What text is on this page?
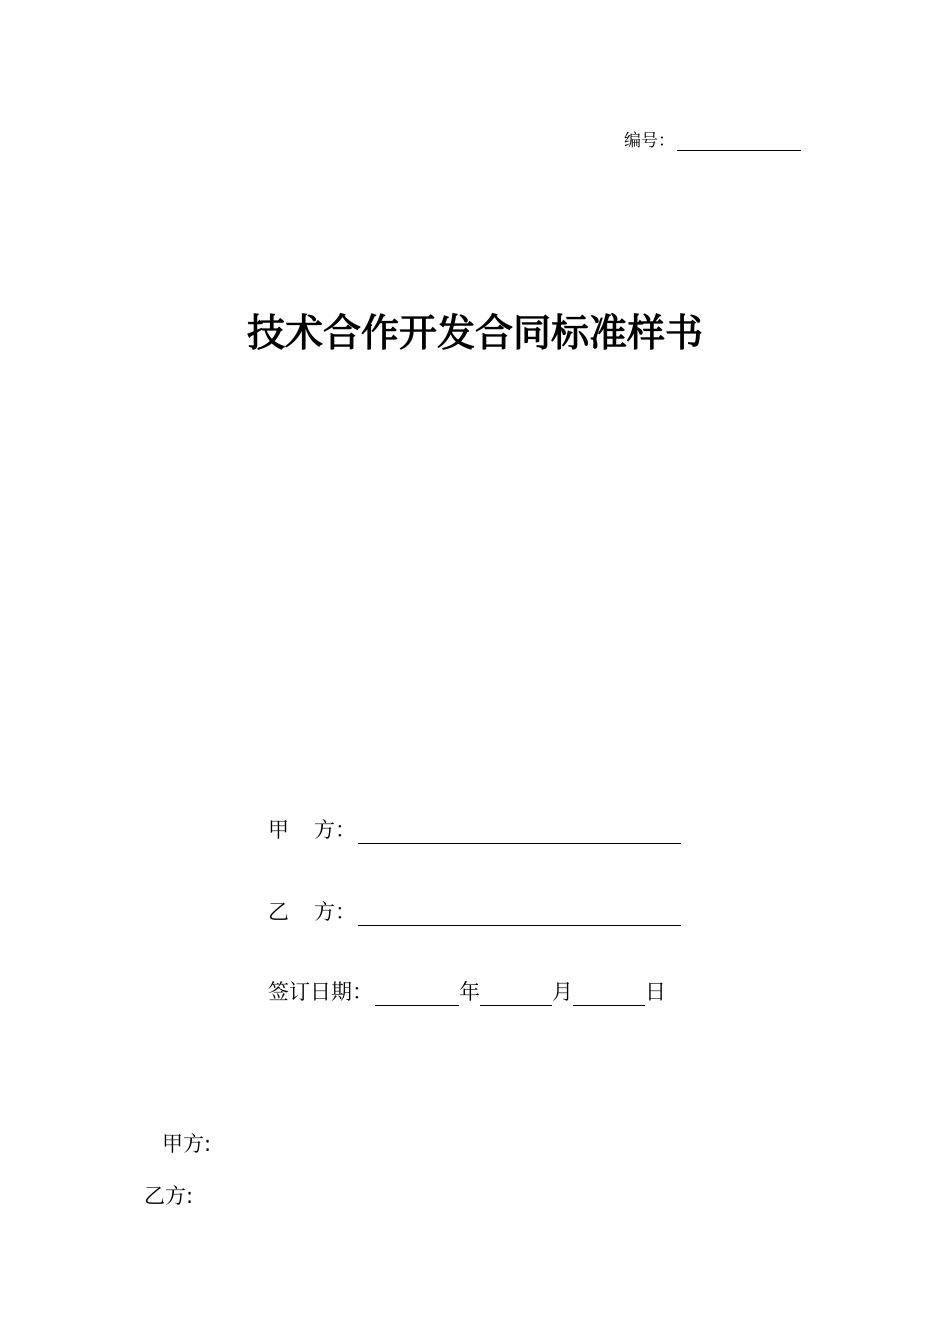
编号：
技术合作开发合同标准样书
甲	方：
乙	方：
签订日期：	年	月	日
甲方:
乙方:
